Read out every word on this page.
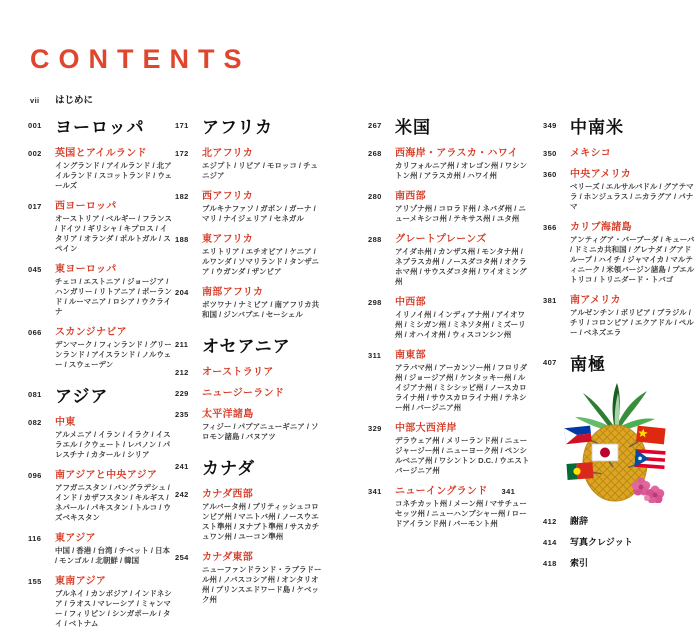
CONTENTS
vii	はじめに
001 ヨーロッパ
002	英国とアイルランド

イングランド / アイルランド / 北アイルランド / スコットランド / ウェールズ

017	西ヨーロッパ

オーストリア / ベルギー / フランス / ドイツ / ギリシャ / キプロス / イタリア / オランダ / ポルトガル / スペイン

045	東ヨーロッパ

チェコ / エストニア / ジョージア / ハンガリー / リトアニア / ポーランド / ルーマニア / ロシア / ウクライナ

066	スカンジナビア

デンマーク / フィンランド / グリーンランド / アイスランド / ノルウェー / スウェーデン

081 アジア
082	中東

アルメニア / イラン / イラク / イスラエル / クウェート / レバノン / パレスチナ / カタール / シリア

096	南アジアと中央アジア

アフガニスタン / バングラデシュ / インド / カザフスタン / キルギス / ネパール / パキスタン / トルコ / ウズベキスタン

116	東アジア

中国 / 香港 / 台湾 / チベット / 日本 / モンゴル / 北朝鮮 / 韓国

155	東南アジア

ブルネイ / カンボジア / インドネシア / ラオス / マレーシア / ミャンマー / フィリピン / シンガポール / タイ / ベトナム

171 アフリカ
172	北アフリカ

エジプト / リビア / モロッコ / チュニジア

182	西アフリカ

ブルキナファソ / ガボン / ガーナ / マリ / ナイジェリア / セネガル

188	東アフリカ

エリトリア / エチオピア / ケニア / ルワンダ / ソマリランド / タンザニア / ウガンダ / ザンビア

204	南部アフリカ

ボツワナ / ナミビア / 南アフリカ共和国 / ジンバブエ / セーシェル

211 オセアニア
212	オーストラリア
229	ニュージーランド
235	太平洋諸島

フィジー / パプアニューギニア / ソロモン諸島 / バヌアツ

241 カナダ
242	カナダ西部

アルバータ州 / ブリティッシュコロンビア州 / マニトバ州 / ノースウエスト準州 / ヌナブト準州 / サスカチュワン州 / ユーコン準州

254	カナダ東部

ニューファンドランド・ラブラドール州 / ノバスコシア州 / オンタリオ州 / プリンスエドワード島 / ケベック州

267 米国
268	西海岸・アラスカ・ハワイ

カリフォルニア州 / オレゴン州 / ワシントン州 / アラスカ州 / ハワイ州

280	南西部

アリゾナ州 / コロラド州 / ネバダ州 / ニューメキシコ州 / テキサス州 / ユタ州

288	グレートプレーンズ

アイダホ州 / カンザス州 / モンタナ州 / ネブラスカ州 / ノースダコタ州 / オクラホマ州 / サウスダコタ州 / ワイオミング州

298	中西部

イリノイ州 / インディアナ州 / アイオワ州 / ミシガン州 / ミネソタ州 / ミズーリ州 / オハイオ州 / ウィスコンシン州

311	南東部

アラバマ州 / アーカンソー州 / フロリダ州 / ジョージア州 / ケンタッキー州 / ルイジアナ州 / ミシシッピ州 / ノースカロライナ州 / サウスカロライナ州 / テネシー州 / バージニア州

329	中部大西洋岸

デラウェア州 / メリーランド州 / ニュージャージー州 / ニューヨーク州 / ペンシルベニア州 / ワシントン D.C. / ウエストバージニア州

341	ニューイングランド 341

コネチカット州 / メーン州 / マサチューセッツ州 / ニューハンプシャー州 / ロードアイランド州 / バーモント州

349 中南米
350	メキシコ
360	中央アメリカ

ベリーズ / エルサルバドル / グアテマラ / ホンジュラス / ニカラグア / パナマ

366	カリブ海諸島

アンティグア・バーブーダ / キューバ / ドミニカ共和国 / グレナダ / グアドループ / ハイチ / ジャマイカ / マルティニーク / 米領バージン諸島 / プエルトリコ / トリニダード・トバゴ

381	南アメリカ

アルゼンチン / ボリビア / ブラジル / チリ / コロンビア / エクアドル / ペルー / ベネズエラ

407 南極
412	謝辞
414	写真クレジット
418	索引
